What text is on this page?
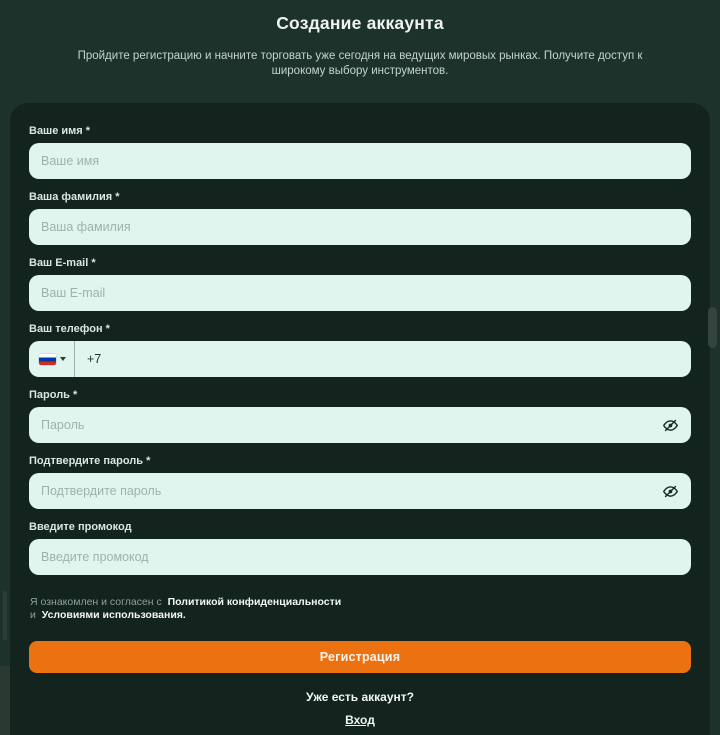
Создание аккаунта

Пройдите регистрацию и начните торговать уже сегодня на ведущих мировых рынках. Получите доступ к широкому выбору инструментов.

Ваше имя *
Ваше имя
Ваша фамилия *
Ваша фамилия
Ваш E-mail *
Ваш E-mail
Ваш телефон *
+7
Пароль *
Подтвердите пароль *
Введите промокод
Введите промокод

Я ознакомлен и согласен с Политикой конфиденциальности
и Условиями использования.

Регистрация
Уже есть аккаунт?
Вход
